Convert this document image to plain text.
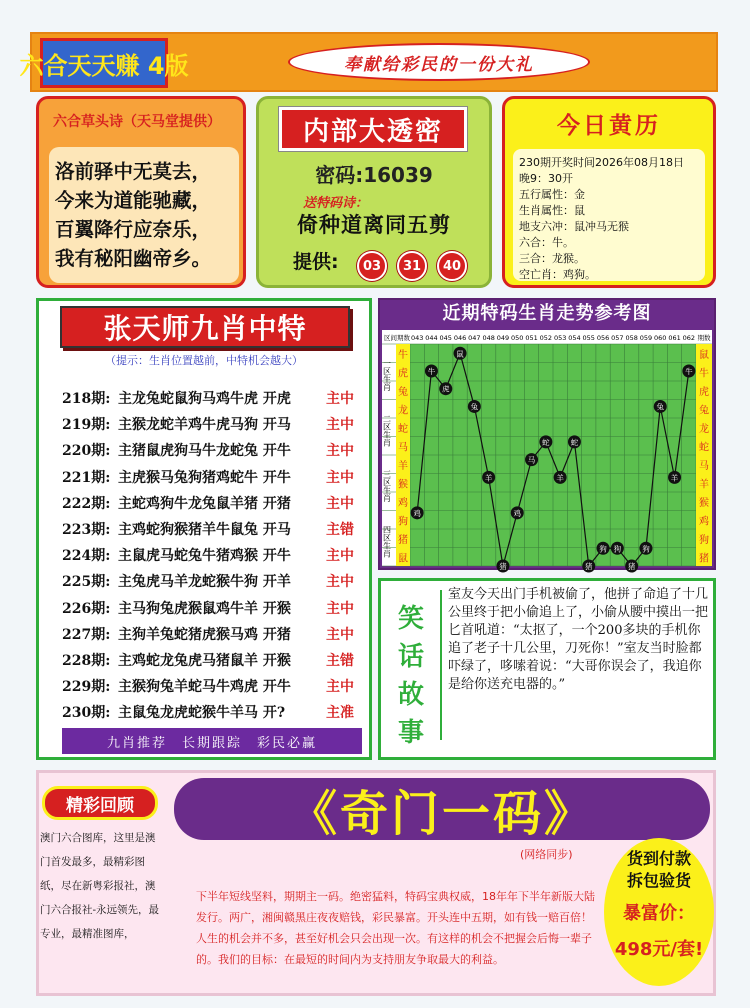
六合天天赚 4版	奉献给彩民的一份大礼
六合草头诗（天马堂提供）
洛前驿中无莫去，
今来为道能驰藏，
百翼降行应奈乐，
我有秘阳幽帝乡。
内部大透密
密码:16039
送特码诗：
倚种道离同五剪
提供:	03	31	40
今日黄历
230期开奖时间2026年08月18日
晚9：30开
五行属性：金
生肖属性：鼠
地支六冲：鼠冲马无猴
六合：牛。
三合：龙猴。
空亡肖：鸡狗。
张天师九肖中特
（提示：生肖位置越前，中特机会越大）
218期: 主龙兔蛇鼠狗马鸡牛虎 开虎	主中
219期: 主猴龙蛇羊鸡牛虎马狗 开马	主中
220期: 主猪鼠虎狗马牛龙蛇兔 开牛	主中
221期: 主虎猴马兔狗猪鸡蛇牛 开牛	主中
222期: 主蛇鸡狗牛龙兔鼠羊猪 开猪	主中
223期: 主鸡蛇狗猴猪羊牛鼠兔 开马	主错
224期: 主鼠虎马蛇兔牛猪鸡猴 开牛	主中
225期: 主兔虎马羊龙蛇猴牛狗 开羊	主中
226期: 主马狗兔虎猴鼠鸡牛羊 开猴	主中
227期: 主狗羊兔蛇猪虎猴马鸡 开猪	主中
228期: 主鸡蛇龙兔虎马猪鼠羊 开猴	主错
229期: 主猴狗兔羊蛇马牛鸡虎 开牛	主中
230期: 主鼠兔龙虎蛇猴牛羊马 开?	主准
九肖推荐　长期跟踪　彩民必赢
近期特码生肖走势参考图
区间期数 043 044 045 046 047 048 049 050 051 052 053 054 055 056 057 058 059 060 061 062 期数
一区生肖
二区生肖
三区生肖
四区生肖
牛
虎
兔
龙
蛇
马
羊
猴
鸡
狗
猪
鼠
鼠
牛
虎
兔
龙
蛇
马
羊
猴
鸡
狗
猪
鸡
牛
虎
鼠
兔
羊
猪
鸡
马
蛇
羊
蛇
猪
狗 狗
猪
狗
兔
羊
牛
笑
话
故
事
室友今天出门手机被偷了，他拼了命追了十几公里终于把小偷追上了，小偷从腰中摸出一把匕首吼道：“太抠了，一个200多块的手机你追了老子十几公里，刀死你！”室友当时脸都吓绿了，哆嗦着说：“大哥你误会了，我追你是给你送充电器的。”
精彩回顾
澳门六合图库，这里是澳门首发最多，最精彩图纸，尽在新粤彩报社，澳门六合报社-永远领先，最专业，最精准图库，
《奇门一码》
(网络同步)
下半年短线坚料，期期主一码。绝密猛料，特码宝典权威，18年年下半年新版大陆发行。两广，湘闽赣黑庄夜夜赔钱，彩民暴富。开头连中五期，如有钱一赔百倍！人生的机会并不多，甚至好机会只会出现一次。有这样的机会不把握会后悔一辈子的。我们的目标：在最短的时间内为支持朋友争取最大的利益。
货到付款
拆包验货
暴富价：
498元/套!
